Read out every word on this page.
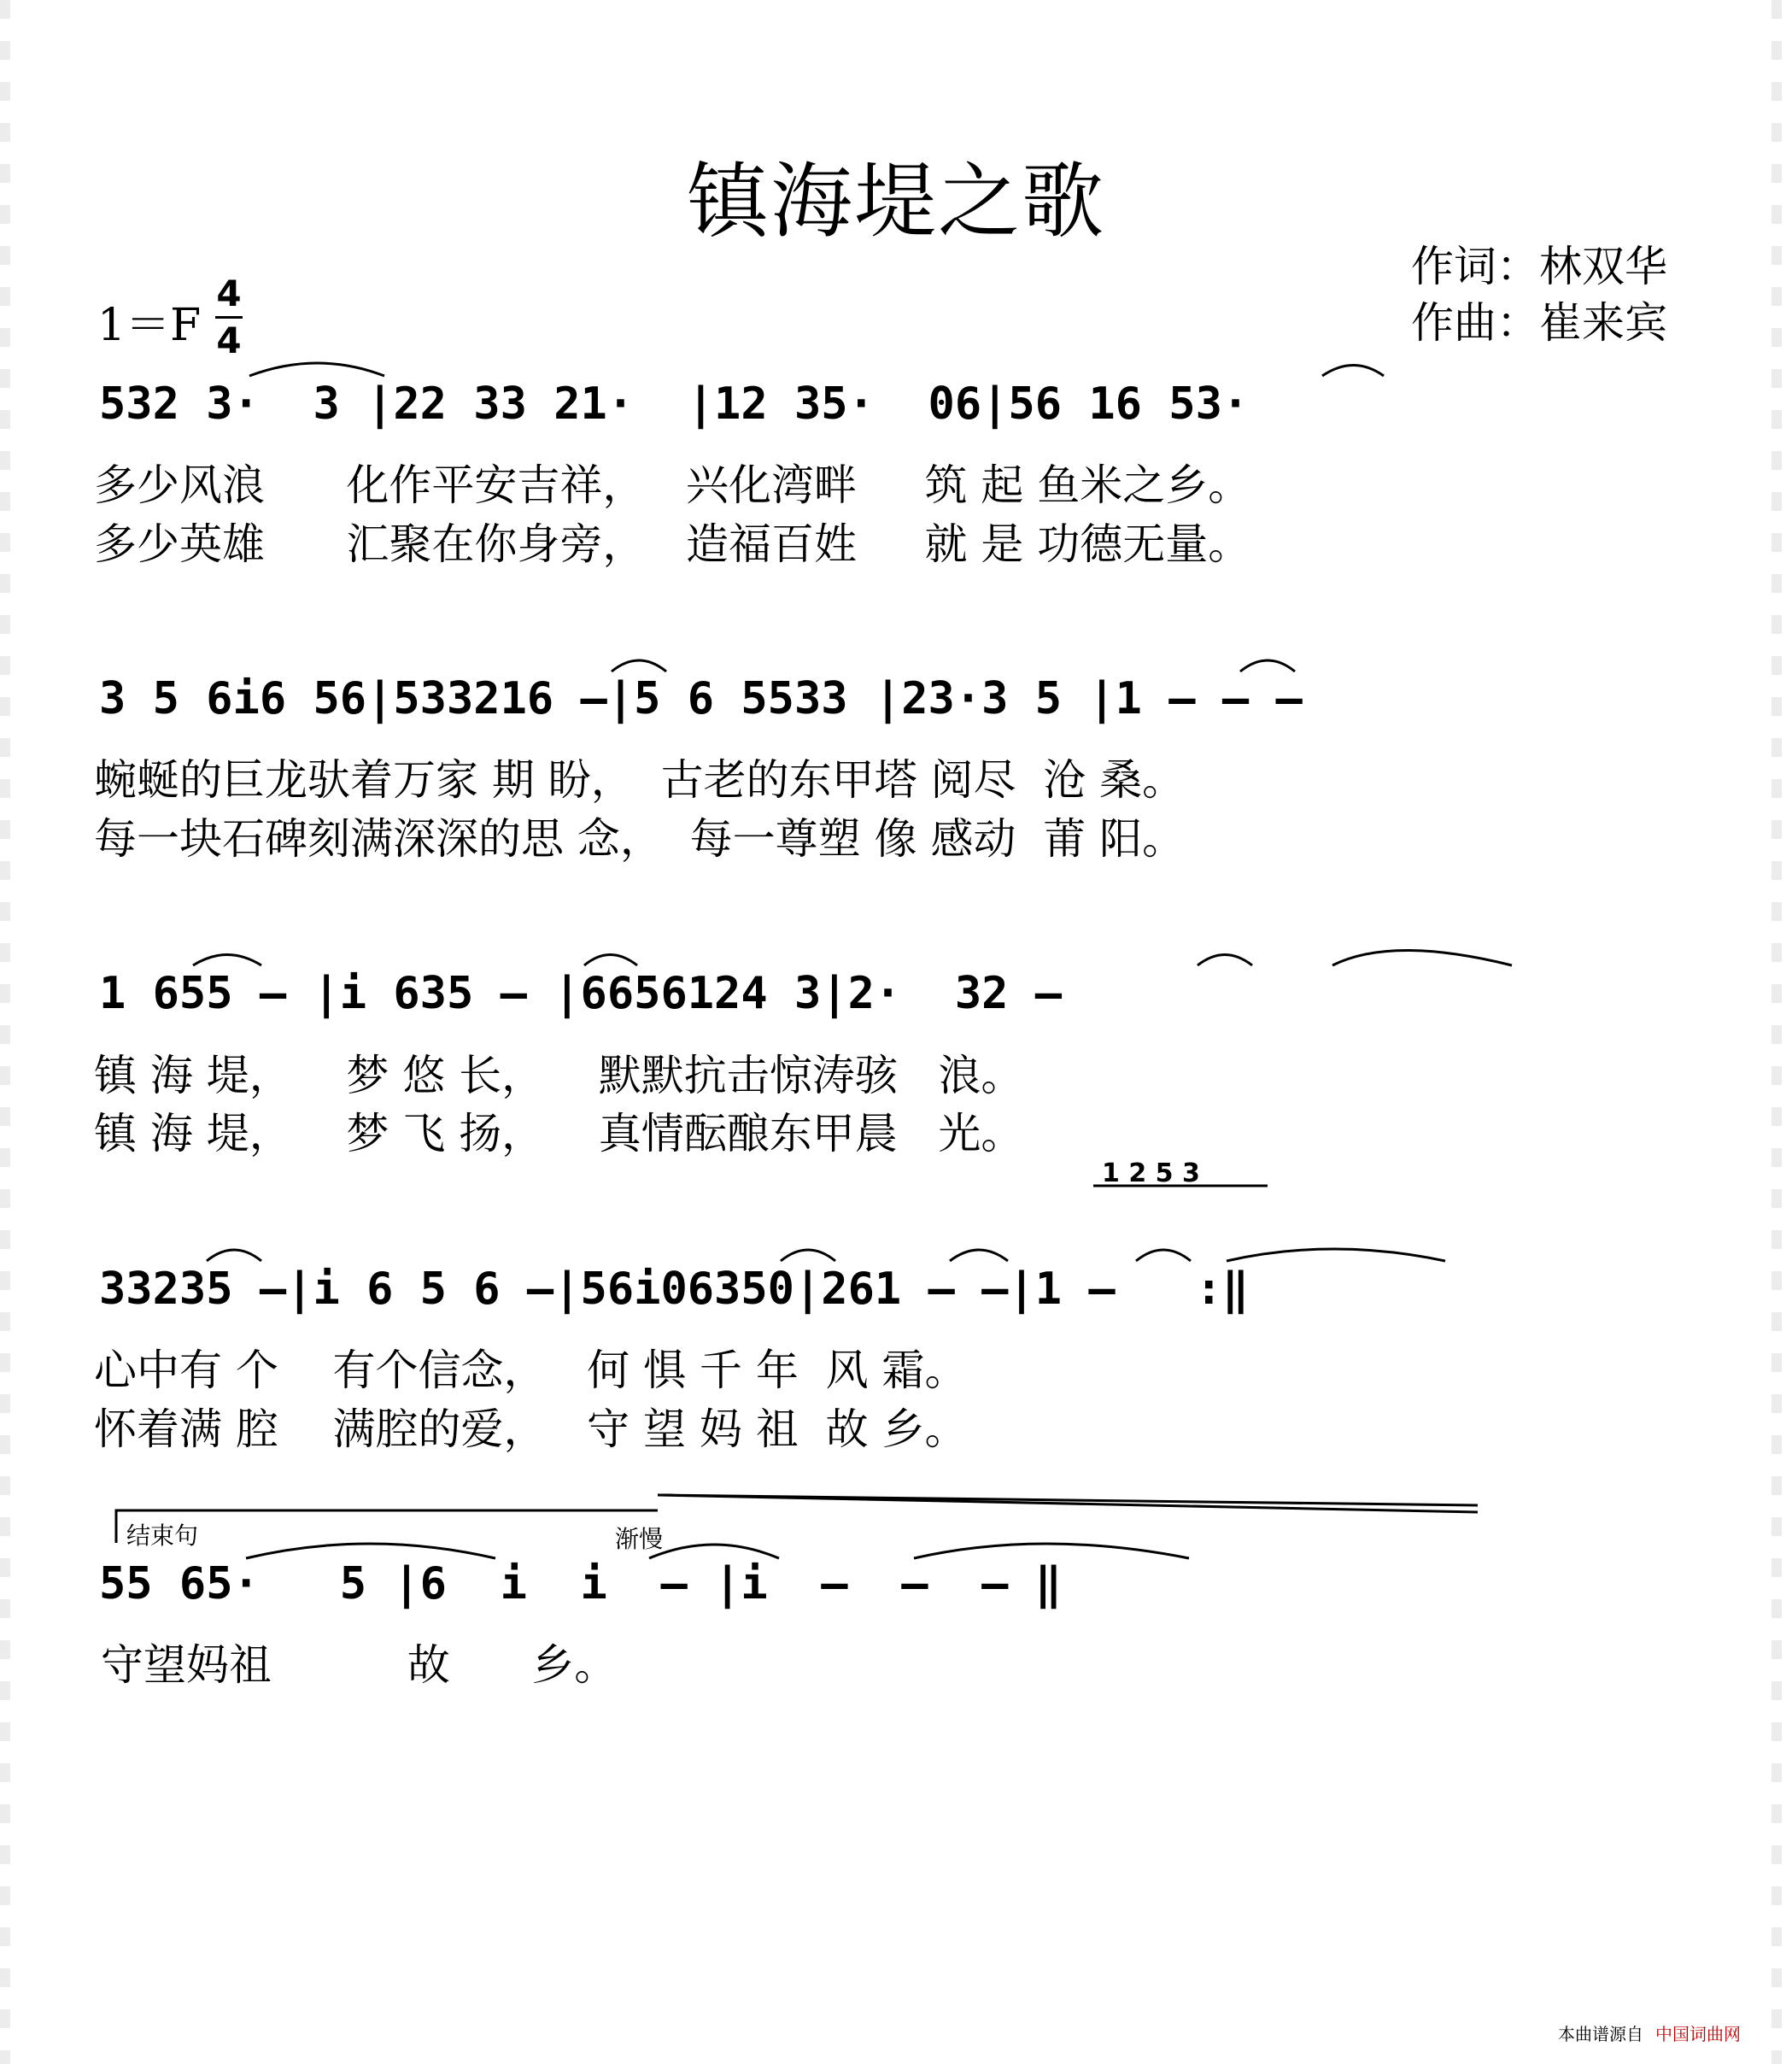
镇海堤之歌
作词：林双华
作曲：崔来宾
1＝F
4
4
532 3·  3 |22 33 21·  |12 35·  06|56 16 53·
多少风浪      化作平安吉祥，   兴化湾畔     筑 起 鱼米之乡。
多少英雄      汇聚在你身旁，   造福百姓     就 是 功德无量。
3 5 6i6 56|533216 –|5 6 5533 |23·3 5 |1 – – –
蜿蜒的巨龙驮着万家 期 盼，  古老的东甲塔 阅尽  沧 桑。
每一块石碑刻满深深的思 念，  每一尊塑 像 感动  莆 阳。
1 655 – |i 635 – |6656124 3|2·  32 –
镇 海 堤，    梦 悠 长，    默默抗击惊涛骇   浪。
镇 海 堤，    梦 飞 扬，    真情酝酿东甲晨   光。
1 2 5 3
33235 –|i 6 5 6 –|56i06350|261 – –|1 –   :‖
心中有 个    有个信念，   何 惧 千 年  风 霜。
怀着满 腔    满腔的爱，   守 望 妈 祖  故 乡。
结束句	渐慢
55 65·   5 |6  i  i  – |i  –  –  – ‖
守望妈祖          故      乡。
本曲谱源自 中国词曲网
